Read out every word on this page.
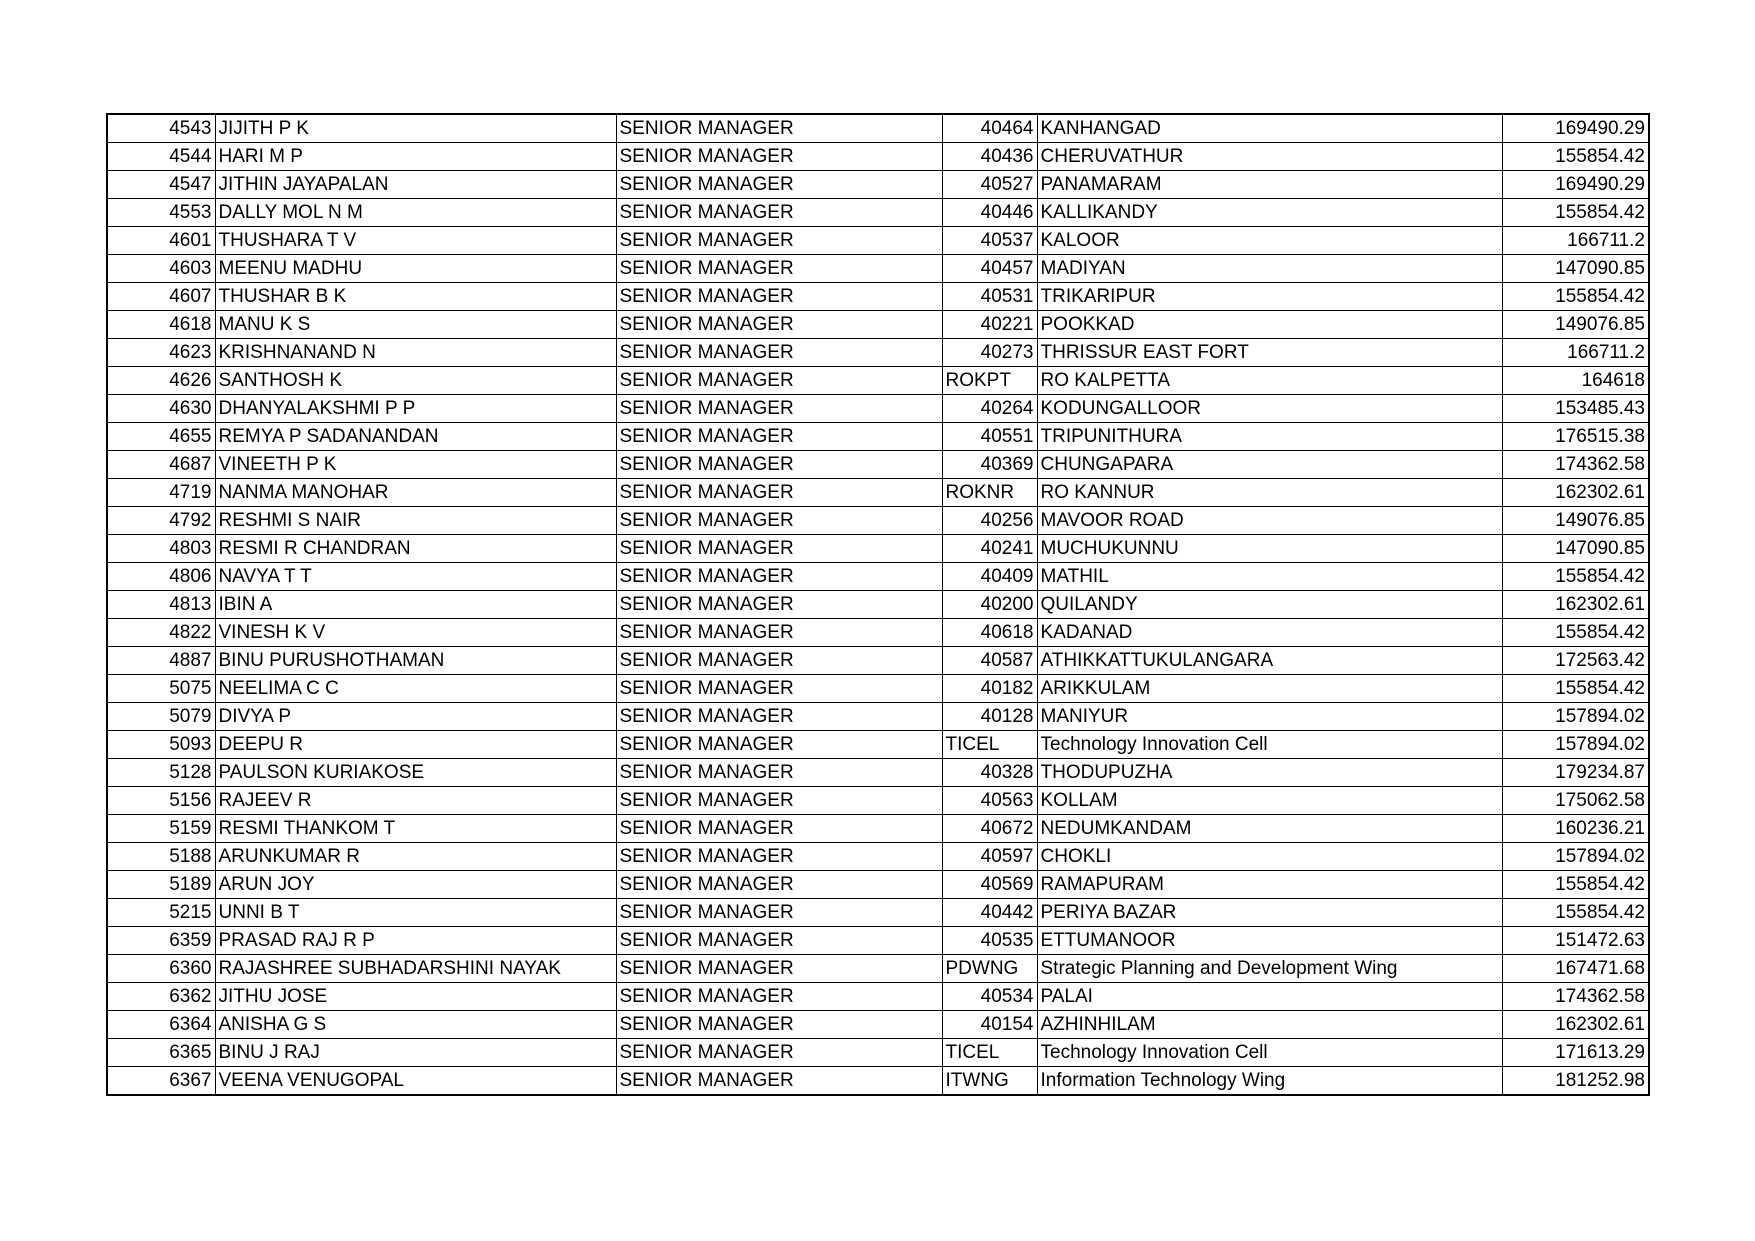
4543	JIJITH P K	SENIOR MANAGER	40464	KANHANGAD	169490.29
4544	HARI M P	SENIOR MANAGER	40436	CHERUVATHUR	155854.42
4547	JITHIN JAYAPALAN	SENIOR MANAGER	40527	PANAMARAM	169490.29
4553	DALLY MOL N M	SENIOR MANAGER	40446	KALLIKANDY	155854.42
4601	THUSHARA T V	SENIOR MANAGER	40537	KALOOR	166711.2
4603	MEENU MADHU	SENIOR MANAGER	40457	MADIYAN	147090.85
4607	THUSHAR B K	SENIOR MANAGER	40531	TRIKARIPUR	155854.42
4618	MANU K S	SENIOR MANAGER	40221	POOKKAD	149076.85
4623	KRISHNANAND N	SENIOR MANAGER	40273	THRISSUR EAST FORT	166711.2
4626	SANTHOSH K	SENIOR MANAGER	ROKPT	RO KALPETTA	164618
4630	DHANYALAKSHMI P P	SENIOR MANAGER	40264	KODUNGALLOOR	153485.43
4655	REMYA P SADANANDAN	SENIOR MANAGER	40551	TRIPUNITHURA	176515.38
4687	VINEETH P K	SENIOR MANAGER	40369	CHUNGAPARA	174362.58
4719	NANMA MANOHAR	SENIOR MANAGER	ROKNR	RO KANNUR	162302.61
4792	RESHMI S NAIR	SENIOR MANAGER	40256	MAVOOR ROAD	149076.85
4803	RESMI R CHANDRAN	SENIOR MANAGER	40241	MUCHUKUNNU	147090.85
4806	NAVYA T T	SENIOR MANAGER	40409	MATHIL	155854.42
4813	IBIN A	SENIOR MANAGER	40200	QUILANDY	162302.61
4822	VINESH K V	SENIOR MANAGER	40618	KADANAD	155854.42
4887	BINU PURUSHOTHAMAN	SENIOR MANAGER	40587	ATHIKKATTUKULANGARA	172563.42
5075	NEELIMA C C	SENIOR MANAGER	40182	ARIKKULAM	155854.42
5079	DIVYA P	SENIOR MANAGER	40128	MANIYUR	157894.02
5093	DEEPU R	SENIOR MANAGER	TICEL	Technology Innovation Cell	157894.02
5128	PAULSON KURIAKOSE	SENIOR MANAGER	40328	THODUPUZHA	179234.87
5156	RAJEEV R	SENIOR MANAGER	40563	KOLLAM	175062.58
5159	RESMI THANKOM T	SENIOR MANAGER	40672	NEDUMKANDAM	160236.21
5188	ARUNKUMAR R	SENIOR MANAGER	40597	CHOKLI	157894.02
5189	ARUN JOY	SENIOR MANAGER	40569	RAMAPURAM	155854.42
5215	UNNI B T	SENIOR MANAGER	40442	PERIYA BAZAR	155854.42
6359	PRASAD RAJ R P	SENIOR MANAGER	40535	ETTUMANOOR	151472.63
6360	RAJASHREE SUBHADARSHINI NAYAK	SENIOR MANAGER	PDWNG	Strategic Planning and Development Wing	167471.68
6362	JITHU JOSE	SENIOR MANAGER	40534	PALAI	174362.58
6364	ANISHA G S	SENIOR MANAGER	40154	AZHINHILAM	162302.61
6365	BINU J RAJ	SENIOR MANAGER	TICEL	Technology Innovation Cell	171613.29
6367	VEENA VENUGOPAL	SENIOR MANAGER	ITWNG	Information Technology Wing	181252.98
